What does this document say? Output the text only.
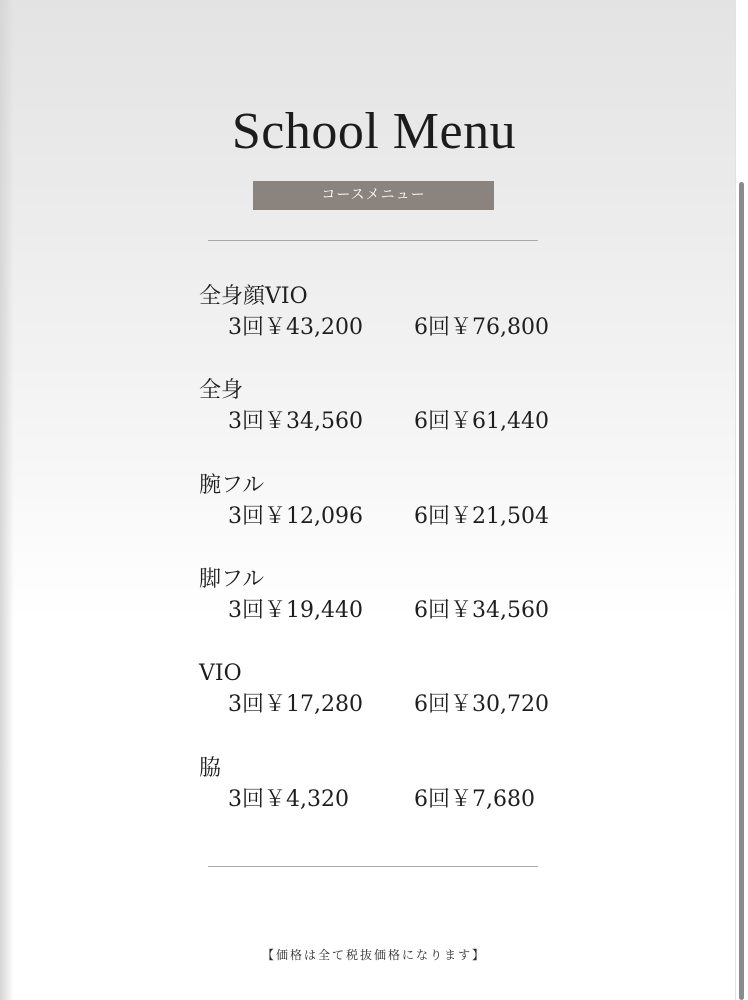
School Menu
コースメニュー
全身顔VIO
3回￥43,200 6回￥76,800
全身
3回￥34,560 6回￥61,440
腕フル
3回￥12,096 6回￥21,504
脚フル
3回￥19,440 6回￥34,560
VIO
3回￥17,280 6回￥30,720
脇
3回￥4,320	6回￥7,680
【価格は全て税抜価格になります】
